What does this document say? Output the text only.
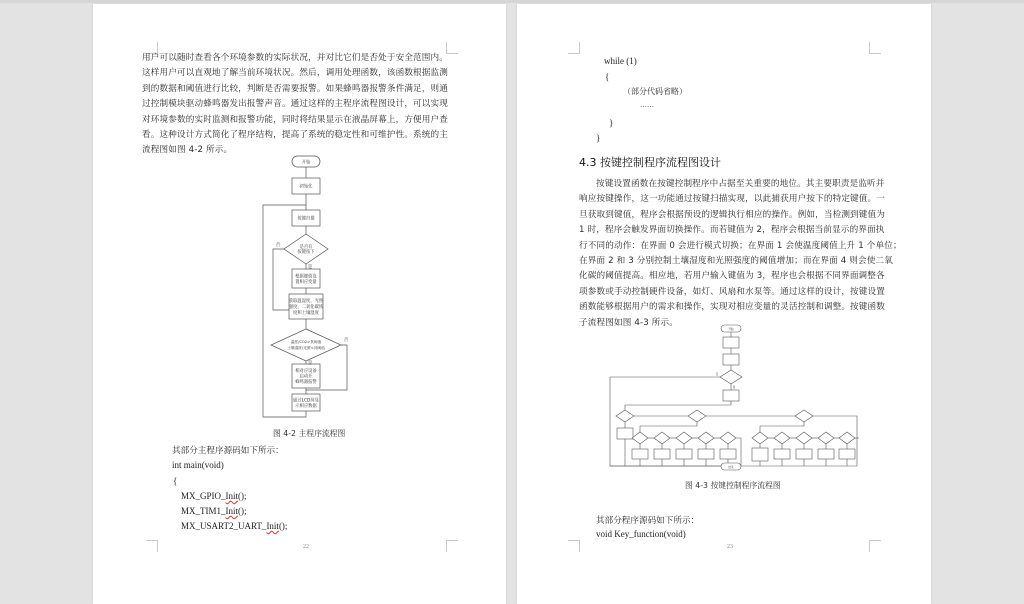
用户可以随时查看各个环境参数的实际状况，并对比它们是否处于安全范围内。
这样用户可以直观地了解当前环境状况。然后，调用处理函数，该函数根据监测
到的数据和阈值进行比较，判断是否需要报警。如果蜂鸣器报警条件满足，则通
过控制模块驱动蜂鸣器发出报警声音。通过这样的主程序流程图设计，可以实现
对环境参数的实时监测和报警功能，同时将结果显示在液晶屏幕上，方便用户查
看。这种设计方式简化了程序结构，提高了系统的稳定性和可维护性。系统的主
流程图如图 4-2 所示。
开始
初始化
按键扫描
是否有
按键按下
根据键值设
置相应变量
获取温湿度、光照
强度、二氧化碳浓
度和土壤湿度
温度/CO2>其阈值
土壤湿度/光照<其阈值
相对应设备
启动开
蜂鸣器报警
通过LCD屏显
示相应数据
否
是
否
是
图 4-2 主程序流程图
其部分主程序源码如下所示：
int main(void)
{
MX_GPIO_Init();
MX_TIM1_Init();
MX_USART2_UART_Init();
22
while (1)
{
（部分代码省略）
……
}
}
4.3 按键控制程序流程图设计
按键设置函数在按键控制程序中占据至关重要的地位。其主要职责是监听并
响应按键操作，这一功能通过按键扫描实现，以此捕获用户按下的特定键值。一
旦获取到键值，程序会根据预设的逻辑执行相应的操作。例如，当检测到键值为
1 时，程序会触发界面切换操作。而若键值为 2，程序会根据当前显示的界面执
行不同的动作：在界面 0 会进行模式切换；在界面 1 会使温度阈值上升 1 个单位；
在界面 2 和 3 分别控制土壤湿度和光照强度的阈值增加；而在界面 4 则会使二氧
化碳的阈值提高。相应地，若用户输入键值为 3，程序也会根据不同界面调整各
项参数或手动控制硬件设备，如灯、风扇和水泵等。通过这样的设计，按键设置
函数能够根据用户的需求和操作，实现对相应变量的灵活控制和调整。按键函数
子流程图如图 4-3 所示。
开始
结束
否
是
图 4-3 按键控制程序流程图
其部分程序源码如下所示：
void Key_function(void)
23
